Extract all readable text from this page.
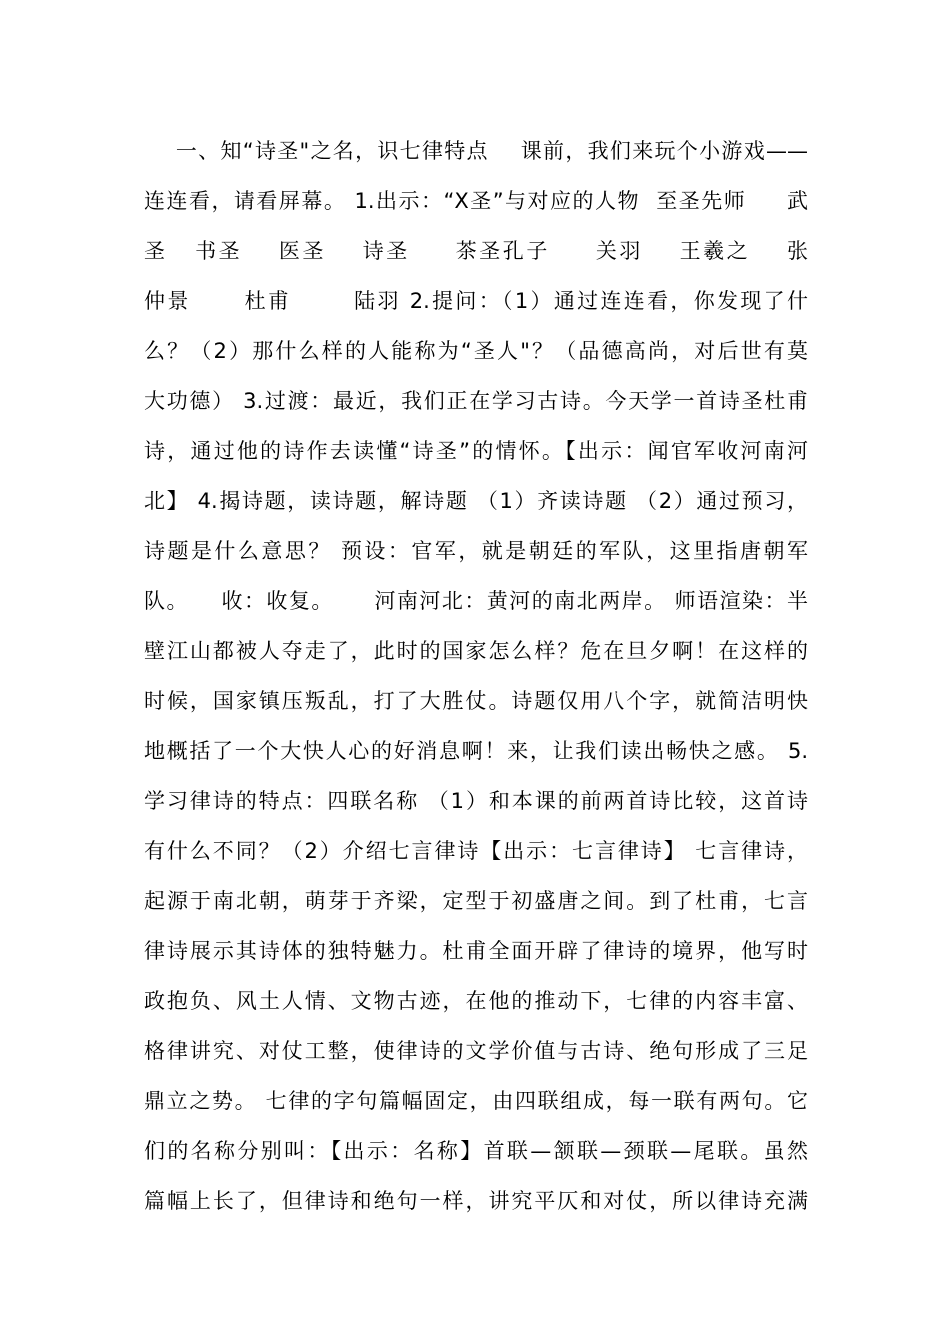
一、知“诗圣"之名，识七律特点    课前，我们来玩个小游戏——
连连看，请看屏幕。 1.出示：“X圣”与对应的人物  至圣先师     武
圣   书圣    医圣    诗圣     茶圣孔子     关羽    王羲之    张
仲景      杜甫       陆羽 2.提问：（1）通过连连看，你发现了什
么？（2）那什么样的人能称为“圣人"？（品德高尚，对后世有莫
大功德） 3.过渡：最近，我们正在学习古诗。今天学一首诗圣杜甫
诗，通过他的诗作去读懂“诗圣”的情怀。【出示：闻官军收河南河
北】 4.揭诗题，读诗题，解诗题 （1）齐读诗题 （2）通过预习，
诗题是什么意思？ 预设：官军，就是朝廷的军队，这里指唐朝军
队。    收：收复。     河南河北：黄河的南北两岸。 师语渲染：半
壁江山都被人夺走了，此时的国家怎么样？危在旦夕啊！在这样的
时候，国家镇压叛乱，打了大胜仗。诗题仅用八个字，就简洁明快
地概括了一个大快人心的好消息啊！来，让我们读出畅快之感。 5.
学习律诗的特点：四联名称 （1）和本课的前两首诗比较，这首诗
有什么不同？（2）介绍七言律诗【出示：七言律诗】 七言律诗，
起源于南北朝，萌芽于齐梁，定型于初盛唐之间。到了杜甫，七言
律诗展示其诗体的独特魅力。杜甫全面开辟了律诗的境界，他写时
政抱负、风土人情、文物古迹，在他的推动下，七律的内容丰富、
格律讲究、对仗工整，使律诗的文学价值与古诗、绝句形成了三足
鼎立之势。 七律的字句篇幅固定，由四联组成，每一联有两句。它
们的名称分别叫：【出示：名称】首联—颔联—颈联—尾联。虽然
篇幅上长了，但律诗和绝句一样，讲究平仄和对仗，所以律诗充满
